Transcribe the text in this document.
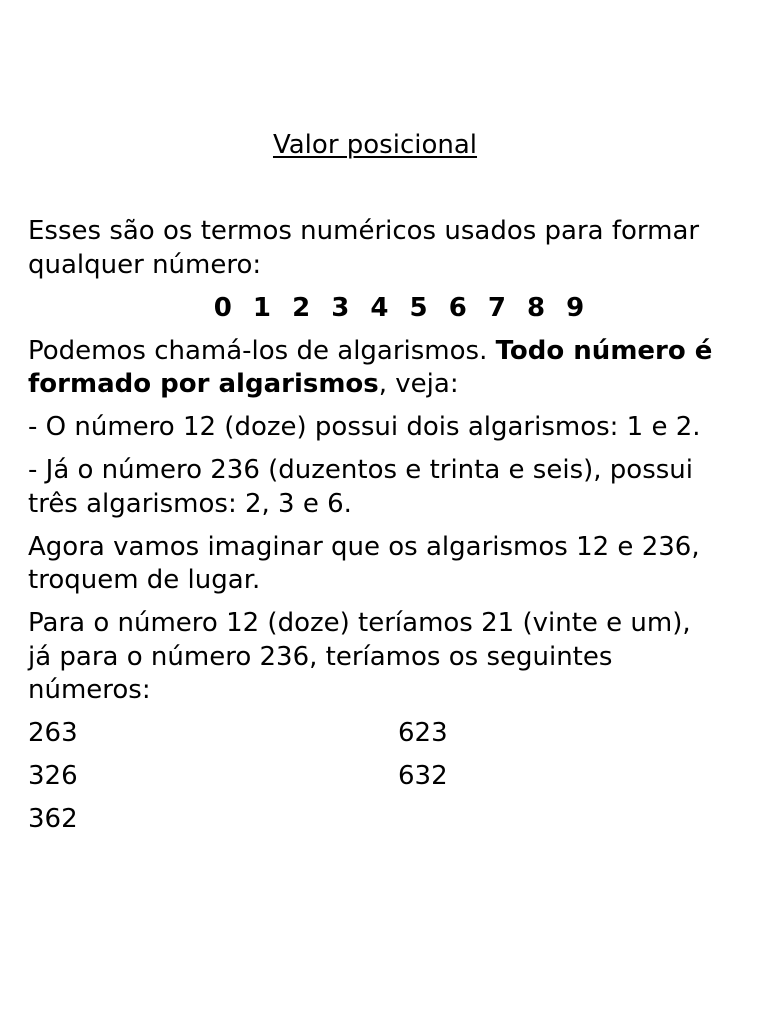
Valor posicional

Esses são os termos numéricos usados para formar qualquer número:

0 1 2 3 4 5 6 7 8 9

Podemos chamá-los de algarismos. Todo número é formado por algarismos, veja:

- O número 12 (doze) possui dois algarismos: 1 e 2.

- Já o número 236 (duzentos e trinta e seis), possui três algarismos: 2, 3 e 6.

Agora vamos imaginar que os algarismos 12 e 236, troquem de lugar.

Para o número 12 (doze) teríamos 21 (vinte e um), já para o número 236, teríamos os seguintes números:

263	623
326	632
362
